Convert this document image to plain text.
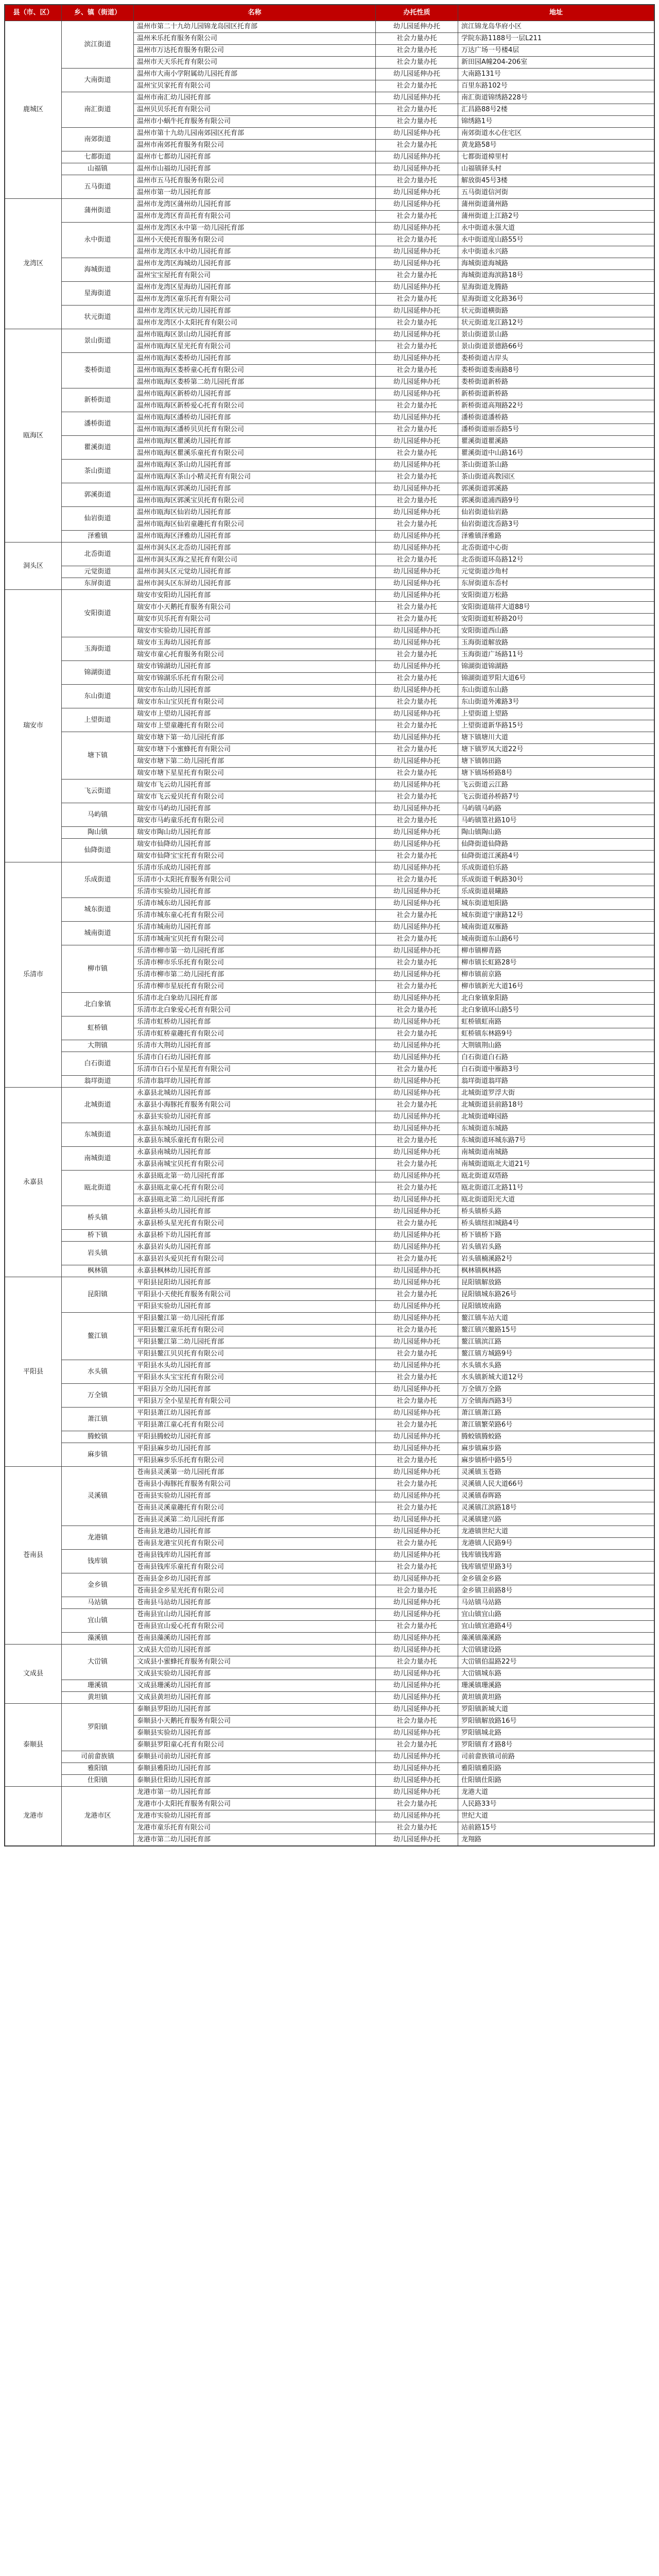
县（市、区）	乡、镇（街道）	名称	办托性质	地址
鹿城区	滨江街道	温州市第二十九幼儿园锦龙岛园区托育部	幼儿园延伸办托	滨江锦龙岛华府小区
		温州米乐托育服务有限公司	社会力量办托	学院东路1188号一层L211
		温州市万达托育服务有限公司	社会力量办托	万达广场一号楼4层
		温州市天天乐托育有限公司	社会力量办托	新田园A幢204-206室
	大南街道	温州市大南小学附属幼儿园托育部	幼儿园延伸办托	大南路131号
		温州宝贝家托育有限公司	社会力量办托	百里东路102号
	南汇街道	温州市南汇幼儿园托育部	幼儿园延伸办托	南汇街道锦绣路228号
		温州贝贝乐托育有限公司	社会力量办托	汇昌路88号2楼
		温州市小蜗牛托育服务有限公司	社会力量办托	锦绣路1号
	南郊街道	温州市第十九幼儿园南郊园区托育部	幼儿园延伸办托	南郊街道水心住宅区
		温州市南郊托育服务有限公司	社会力量办托	黄龙路58号
	七都街道	温州市七都幼儿园托育部	幼儿园延伸办托	七都街道樟里村
	山福镇	温州市山福幼儿园托育部	幼儿园延伸办托	山福镇驿头村
	五马街道	温州市五马托育服务有限公司	社会力量办托	解放街45号3楼
		温州市第一幼儿园托育部	幼儿园延伸办托	五马街道信河街
龙湾区	蒲州街道	温州市龙湾区蒲州幼儿园托育部	幼儿园延伸办托	蒲州街道蒲州路
		温州市龙湾区育苗托育有限公司	社会力量办托	蒲州街道上江路2号
	永中街道	温州市龙湾区永中第一幼儿园托育部	幼儿园延伸办托	永中街道永强大道
		温州小天使托育服务有限公司	社会力量办托	永中街道度山路55号
		温州市龙湾区永中幼儿园托育部	幼儿园延伸办托	永中街道永兴路
	海城街道	温州市龙湾区海城幼儿园托育部	幼儿园延伸办托	海城街道海城路
		温州宝宝屋托育有限公司	社会力量办托	海城街道海滨路18号
	星海街道	温州市龙湾区星海幼儿园托育部	幼儿园延伸办托	星海街道龙腾路
		温州市龙湾区童乐托育有限公司	社会力量办托	星海街道文化路36号
	状元街道	温州市龙湾区状元幼儿园托育部	幼儿园延伸办托	状元街道横街路
		温州市龙湾区小太阳托育有限公司	社会力量办托	状元街道龙江路12号
瓯海区	景山街道	温州市瓯海区景山幼儿园托育部	幼儿园延伸办托	景山街道景山路
		温州市瓯海区星光托育有限公司	社会力量办托	景山街道景德路66号
	娄桥街道	温州市瓯海区娄桥幼儿园托育部	幼儿园延伸办托	娄桥街道古岸头
		温州市瓯海区娄桥童心托育有限公司	社会力量办托	娄桥街道娄南路8号
		温州市瓯海区娄桥第二幼儿园托育部	幼儿园延伸办托	娄桥街道新桥路
	新桥街道	温州市瓯海区新桥幼儿园托育部	幼儿园延伸办托	新桥街道新桥路
		温州市瓯海区新桥爱心托育有限公司	社会力量办托	新桥街道高翔路22号
	潘桥街道	温州市瓯海区潘桥幼儿园托育部	幼儿园延伸办托	潘桥街道潘桥路
		温州市瓯海区潘桥贝贝托育有限公司	社会力量办托	潘桥街道丽岙路5号
	瞿溪街道	温州市瓯海区瞿溪幼儿园托育部	幼儿园延伸办托	瞿溪街道瞿溪路
		温州市瓯海区瞿溪乐童托育有限公司	社会力量办托	瞿溪街道中山路16号
	茶山街道	温州市瓯海区茶山幼儿园托育部	幼儿园延伸办托	茶山街道茶山路
		温州市瓯海区茶山小精灵托育有限公司	社会力量办托	茶山街道高教园区
	郭溪街道	温州市瓯海区郭溪幼儿园托育部	幼儿园延伸办托	郭溪街道郭溪路
		温州市瓯海区郭溪宝贝托育有限公司	社会力量办托	郭溪街道浦西路9号
	仙岩街道	温州市瓯海区仙岩幼儿园托育部	幼儿园延伸办托	仙岩街道仙岩路
		温州市瓯海区仙岩童趣托育有限公司	社会力量办托	仙岩街道沈岙路3号
	泽雅镇	温州市瓯海区泽雅幼儿园托育部	幼儿园延伸办托	泽雅镇泽雅路
洞头区	北岙街道	温州市洞头区北岙幼儿园托育部	幼儿园延伸办托	北岙街道中心街
		温州市洞头区海之星托育有限公司	社会力量办托	北岙街道环岛路12号
	元觉街道	温州市洞头区元觉幼儿园托育部	幼儿园延伸办托	元觉街道沙角村
	东屏街道	温州市洞头区东屏幼儿园托育部	幼儿园延伸办托	东屏街道东岙村
瑞安市	安阳街道	瑞安市安阳幼儿园托育部	幼儿园延伸办托	安阳街道万松路
		瑞安市小天鹅托育服务有限公司	社会力量办托	安阳街道瑞祥大道88号
		瑞安市贝乐托育有限公司	社会力量办托	安阳街道虹桥路20号
		瑞安市实验幼儿园托育部	幼儿园延伸办托	安阳街道西山路
	玉海街道	瑞安市玉海幼儿园托育部	幼儿园延伸办托	玉海街道解放路
		瑞安市童心托育服务有限公司	社会力量办托	玉海街道广场路11号
	锦湖街道	瑞安市锦湖幼儿园托育部	幼儿园延伸办托	锦湖街道锦湖路
		瑞安市锦湖乐乐托育有限公司	社会力量办托	锦湖街道罗阳大道6号
	东山街道	瑞安市东山幼儿园托育部	幼儿园延伸办托	东山街道东山路
		瑞安市东山宝贝托育有限公司	社会力量办托	东山街道外滩路3号
	上望街道	瑞安市上望幼儿园托育部	幼儿园延伸办托	上望街道上望路
		瑞安市上望童趣托育有限公司	社会力量办托	上望街道新华路15号
	塘下镇	瑞安市塘下第一幼儿园托育部	幼儿园延伸办托	塘下镇塘川大道
		瑞安市塘下小蜜蜂托育有限公司	社会力量办托	塘下镇罗凤大道22号
		瑞安市塘下第二幼儿园托育部	幼儿园延伸办托	塘下镇韩田路
		瑞安市塘下星星托育有限公司	社会力量办托	塘下镇场桥路8号
	飞云街道	瑞安市飞云幼儿园托育部	幼儿园延伸办托	飞云街道云江路
		瑞安市飞云爱贝托育有限公司	社会力量办托	飞云街道孙桥路7号
	马屿镇	瑞安市马屿幼儿园托育部	幼儿园延伸办托	马屿镇马屿路
		瑞安市马屿童乐托育有限公司	社会力量办托	马屿镇篁社路10号
	陶山镇	瑞安市陶山幼儿园托育部	幼儿园延伸办托	陶山镇陶山路
	仙降街道	瑞安市仙降幼儿园托育部	幼儿园延伸办托	仙降街道仙降路
		瑞安市仙降宝宝托育有限公司	社会力量办托	仙降街道江溪路4号
乐清市	乐成街道	乐清市乐成幼儿园托育部	幼儿园延伸办托	乐成街道伯乐路
		乐清市小太阳托育服务有限公司	社会力量办托	乐成街道千帆路30号
		乐清市实验幼儿园托育部	幼儿园延伸办托	乐成街道晨曦路
	城东街道	乐清市城东幼儿园托育部	幼儿园延伸办托	城东街道旭阳路
		乐清市城东童心托育有限公司	社会力量办托	城东街道宁康路12号
	城南街道	乐清市城南幼儿园托育部	幼儿园延伸办托	城南街道双雁路
		乐清市城南宝贝托育有限公司	社会力量办托	城南街道东山路6号
	柳市镇	乐清市柳市第一幼儿园托育部	幼儿园延伸办托	柳市镇柳青路
		乐清市柳市乐乐托育有限公司	社会力量办托	柳市镇长虹路28号
		乐清市柳市第二幼儿园托育部	幼儿园延伸办托	柳市镇前京路
		乐清市柳市星辰托育有限公司	社会力量办托	柳市镇新光大道16号
	北白象镇	乐清市北白象幼儿园托育部	幼儿园延伸办托	北白象镇象阳路
		乐清市北白象爱心托育有限公司	社会力量办托	北白象镇环山路5号
	虹桥镇	乐清市虹桥幼儿园托育部	幼儿园延伸办托	虹桥镇虹南路
		乐清市虹桥童趣托育有限公司	社会力量办托	虹桥镇东林路9号
	大荆镇	乐清市大荆幼儿园托育部	幼儿园延伸办托	大荆镇荆山路
	白石街道	乐清市白石幼儿园托育部	幼儿园延伸办托	白石街道白石路
		乐清市白石小星星托育有限公司	社会力量办托	白石街道中雁路3号
	翁垟街道	乐清市翁垟幼儿园托育部	幼儿园延伸办托	翁垟街道翁垟路
永嘉县	北城街道	永嘉县北城幼儿园托育部	幼儿园延伸办托	北城街道罗浮大街
		永嘉县小海豚托育服务有限公司	社会力量办托	北城街道县前路18号
		永嘉县实验幼儿园托育部	幼儿园延伸办托	北城街道峰园路
	东城街道	永嘉县东城幼儿园托育部	幼儿园延伸办托	东城街道东城路
		永嘉县东城乐童托育有限公司	社会力量办托	东城街道环城东路7号
	南城街道	永嘉县南城幼儿园托育部	幼儿园延伸办托	南城街道南城路
		永嘉县南城宝贝托育有限公司	社会力量办托	南城街道瓯北大道21号
	瓯北街道	永嘉县瓯北第一幼儿园托育部	幼儿园延伸办托	瓯北街道双塔路
		永嘉县瓯北童心托育有限公司	社会力量办托	瓯北街道江北路11号
		永嘉县瓯北第二幼儿园托育部	幼儿园延伸办托	瓯北街道阳光大道
	桥头镇	永嘉县桥头幼儿园托育部	幼儿园延伸办托	桥头镇桥头路
		永嘉县桥头星光托育有限公司	社会力量办托	桥头镇纽扣城路4号
	桥下镇	永嘉县桥下幼儿园托育部	幼儿园延伸办托	桥下镇桥下路
	岩头镇	永嘉县岩头幼儿园托育部	幼儿园延伸办托	岩头镇岩头路
		永嘉县岩头爱贝托育有限公司	社会力量办托	岩头镇楠溪路2号
	枫林镇	永嘉县枫林幼儿园托育部	幼儿园延伸办托	枫林镇枫林路
平阳县	昆阳镇	平阳县昆阳幼儿园托育部	幼儿园延伸办托	昆阳镇解放路
		平阳县小天使托育服务有限公司	社会力量办托	昆阳镇城东路26号
		平阳县实验幼儿园托育部	幼儿园延伸办托	昆阳镇坡南路
	鳌江镇	平阳县鳌江第一幼儿园托育部	幼儿园延伸办托	鳌江镇车站大道
		平阳县鳌江童乐托育有限公司	社会力量办托	鳌江镇兴鳌路15号
		平阳县鳌江第二幼儿园托育部	幼儿园延伸办托	鳌江镇滨江路
		平阳县鳌江贝贝托育有限公司	社会力量办托	鳌江镇方城路9号
	水头镇	平阳县水头幼儿园托育部	幼儿园延伸办托	水头镇水头路
		平阳县水头宝宝托育有限公司	社会力量办托	水头镇新城大道12号
	万全镇	平阳县万全幼儿园托育部	幼儿园延伸办托	万全镇万全路
		平阳县万全小星星托育有限公司	社会力量办托	万全镇海西路3号
	萧江镇	平阳县萧江幼儿园托育部	幼儿园延伸办托	萧江镇萧江路
		平阳县萧江童心托育有限公司	社会力量办托	萧江镇繁荣路6号
	腾蛟镇	平阳县腾蛟幼儿园托育部	幼儿园延伸办托	腾蛟镇腾蛟路
	麻步镇	平阳县麻步幼儿园托育部	幼儿园延伸办托	麻步镇麻步路
		平阳县麻步乐乐托育有限公司	社会力量办托	麻步镇桥中路5号
苍南县	灵溪镇	苍南县灵溪第一幼儿园托育部	幼儿园延伸办托	灵溪镇玉苍路
		苍南县小海豚托育服务有限公司	社会力量办托	灵溪镇人民大道66号
		苍南县实验幼儿园托育部	幼儿园延伸办托	灵溪镇春晖路
		苍南县灵溪童趣托育有限公司	社会力量办托	灵溪镇江滨路18号
		苍南县灵溪第二幼儿园托育部	幼儿园延伸办托	灵溪镇建兴路
	龙港镇	苍南县龙港幼儿园托育部	幼儿园延伸办托	龙港镇世纪大道
		苍南县龙港宝贝托育有限公司	社会力量办托	龙港镇人民路9号
	钱库镇	苍南县钱库幼儿园托育部	幼儿园延伸办托	钱库镇钱库路
		苍南县钱库乐童托育有限公司	社会力量办托	钱库镇望里路3号
	金乡镇	苍南县金乡幼儿园托育部	幼儿园延伸办托	金乡镇金乡路
		苍南县金乡星光托育有限公司	社会力量办托	金乡镇卫前路8号
	马站镇	苍南县马站幼儿园托育部	幼儿园延伸办托	马站镇马站路
	宜山镇	苍南县宜山幼儿园托育部	幼儿园延伸办托	宜山镇宜山路
		苍南县宜山爱心托育有限公司	社会力量办托	宜山镇宜港路4号
	藻溪镇	苍南县藻溪幼儿园托育部	幼儿园延伸办托	藻溪镇藻溪路
文成县	大峃镇	文成县大峃幼儿园托育部	幼儿园延伸办托	大峃镇建设路
		文成县小蜜蜂托育服务有限公司	社会力量办托	大峃镇伯温路22号
		文成县实验幼儿园托育部	幼儿园延伸办托	大峃镇城东路
	珊溪镇	文成县珊溪幼儿园托育部	幼儿园延伸办托	珊溪镇珊溪路
	黄坦镇	文成县黄坦幼儿园托育部	幼儿园延伸办托	黄坦镇黄坦路
泰顺县	罗阳镇	泰顺县罗阳幼儿园托育部	幼儿园延伸办托	罗阳镇新城大道
		泰顺县小天鹅托育服务有限公司	社会力量办托	罗阳镇解放路16号
		泰顺县实验幼儿园托育部	幼儿园延伸办托	罗阳镇城北路
		泰顺县罗阳童心托育有限公司	社会力量办托	罗阳镇育才路8号
	司前畲族镇	泰顺县司前幼儿园托育部	幼儿园延伸办托	司前畲族镇司前路
	雅阳镇	泰顺县雅阳幼儿园托育部	幼儿园延伸办托	雅阳镇雅阳路
	仕阳镇	泰顺县仕阳幼儿园托育部	幼儿园延伸办托	仕阳镇仕阳路
龙港市	龙港市区	龙港市第一幼儿园托育部	幼儿园延伸办托	龙港大道
		龙港市小太阳托育服务有限公司	社会力量办托	人民路33号
		龙港市实验幼儿园托育部	幼儿园延伸办托	世纪大道
		龙港市童乐托育有限公司	社会力量办托	站前路15号
		龙港市第二幼儿园托育部	幼儿园延伸办托	龙翔路
